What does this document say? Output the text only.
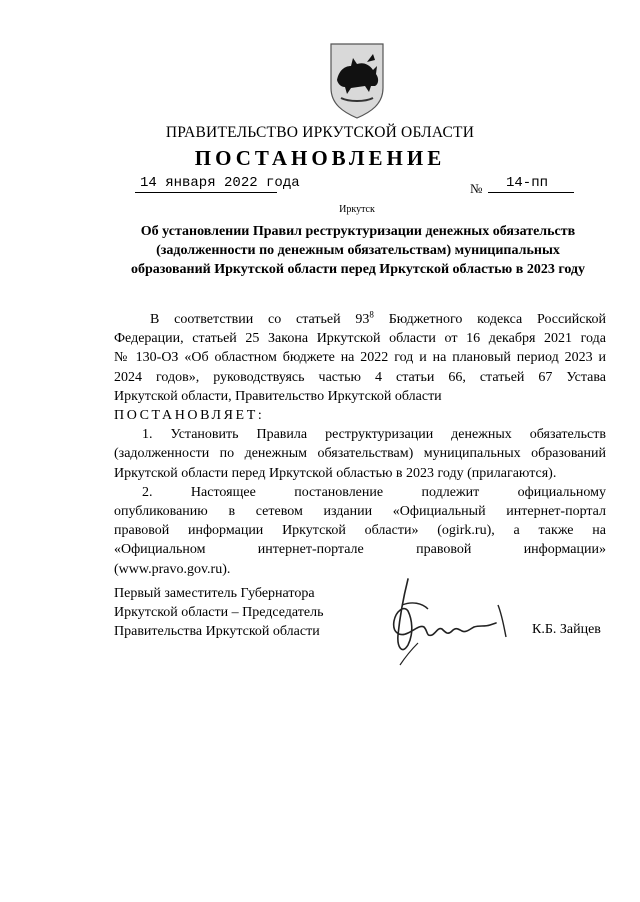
ПРАВИТЕЛЬСТВО ИРКУТСКОЙ ОБЛАСТИ
ПОСТАНОВЛЕНИЕ
14 января 2022 года	№ 14-пп
Иркутск
Об установлении Правил реструктуризации денежных обязательств
(задолженности по денежным обязательствам) муниципальных
образований Иркутской области перед Иркутской областью в 2023 году
В соответствии со статьей $93^8$ Бюджетного кодекса Российской
Федерации, статьей 25 Закона Иркутской области от 16 декабря 2021 года
№ 130-ОЗ «Об областном бюджете на 2022 год и на плановый период 2023 и
2024 годов», руководствуясь частью 4 статьи 66, статьей 67 Устава
Иркутской области, Правительство Иркутской области
ПОСТАНОВЛЯЕТ:
1. Установить Правила реструктуризации денежных обязательств
(задолженности по денежным обязательствам) муниципальных образований
Иркутской области перед Иркутской областью в 2023 году (прилагаются).
2. Настоящее постановление подлежит официальному
опубликованию в сетевом издании «Официальный интернет-портал
правовой информации Иркутской области» (ogirk.ru), а также на
«Официальном интернет-портале правовой информации»
(www.pravo.gov.ru).
Первый заместитель Губернатора
Иркутской области – Председатель
Правительства Иркутской области	К.Б. Зайцев
